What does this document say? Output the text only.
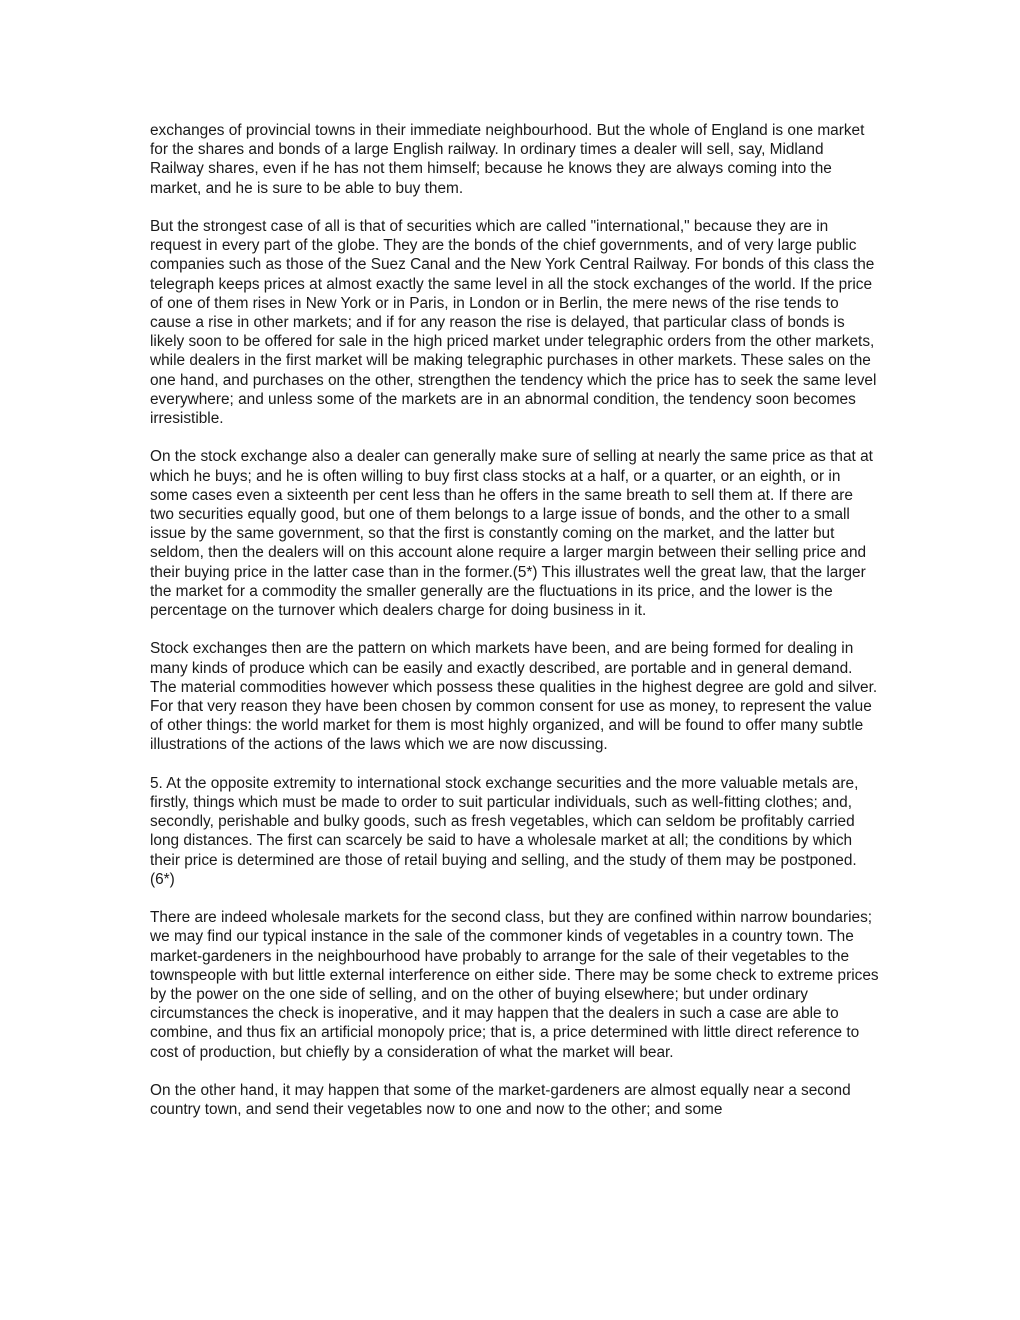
exchanges of provincial towns in their immediate neighbourhood. But the whole of England is one market for the shares and bonds of a large English railway. In ordinary times a dealer will sell, say, Midland Railway shares, even if he has not them himself; because he knows they are always coming into the market, and he is sure to be able to buy them.

But the strongest case of all is that of securities which are called "international," because they are in request in every part of the globe. They are the bonds of the chief governments, and of very large public companies such as those of the Suez Canal and the New York Central Railway. For bonds of this class the telegraph keeps prices at almost exactly the same level in all the stock exchanges of the world. If the price of one of them rises in New York or in Paris, in London or in Berlin, the mere news of the rise tends to cause a rise in other markets; and if for any reason the rise is delayed, that particular class of bonds is likely soon to be offered for sale in the high priced market under telegraphic orders from the other markets, while dealers in the first market will be making telegraphic purchases in other markets. These sales on the one hand, and purchases on the other, strengthen the tendency which the price has to seek the same level everywhere; and unless some of the markets are in an abnormal condition, the tendency soon becomes irresistible.

On the stock exchange also a dealer can generally make sure of selling at nearly the same price as that at which he buys; and he is often willing to buy first class stocks at a half, or a quarter, or an eighth, or in some cases even a sixteenth per cent less than he offers in the same breath to sell them at. If there are two securities equally good, but one of them belongs to a large issue of bonds, and the other to a small issue by the same government, so that the first is constantly coming on the market, and the latter but seldom, then the dealers will on this account alone require a larger margin between their selling price and their buying price in the latter case than in the former.(5*) This illustrates well the great law, that the larger the market for a commodity the smaller generally are the fluctuations in its price, and the lower is the percentage on the turnover which dealers charge for doing business in it.

Stock exchanges then are the pattern on which markets have been, and are being formed for dealing in many kinds of produce which can be easily and exactly described, are portable and in general demand. The material commodities however which possess these qualities in the highest degree are gold and silver. For that very reason they have been chosen by common consent for use as money, to represent the value of other things: the world market for them is most highly organized, and will be found to offer many subtle illustrations of the actions of the laws which we are now discussing.

5. At the opposite extremity to international stock exchange securities and the more valuable metals are, firstly, things which must be made to order to suit particular individuals, such as well-fitting clothes; and, secondly, perishable and bulky goods, such as fresh vegetables, which can seldom be profitably carried long distances. The first can scarcely be said to have a wholesale market at all; the conditions by which their price is determined are those of retail buying and selling, and the study of them may be postponed.(6*)

There are indeed wholesale markets for the second class, but they are confined within narrow boundaries; we may find our typical instance in the sale of the commoner kinds of vegetables in a country town. The market-gardeners in the neighbourhood have probably to arrange for the sale of their vegetables to the townspeople with but little external interference on either side. There may be some check to extreme prices by the power on the one side of selling, and on the other of buying elsewhere; but under ordinary circumstances the check is inoperative, and it may happen that the dealers in such a case are able to combine, and thus fix an artificial monopoly price; that is, a price determined with little direct reference to cost of production, but chiefly by a consideration of what the market will bear.

On the other hand, it may happen that some of the market-gardeners are almost equally near a second country town, and send their vegetables now to one and now to the other; and some
